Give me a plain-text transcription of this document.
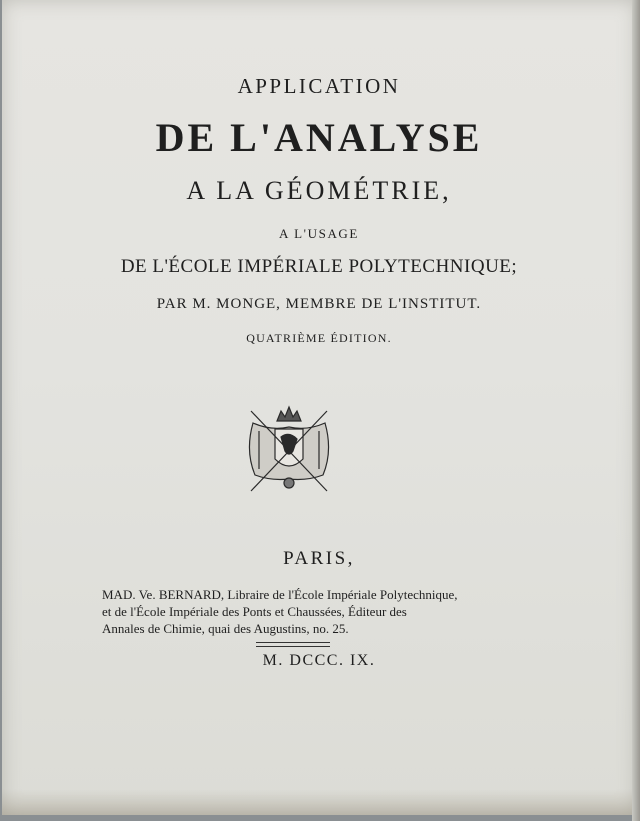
APPLICATION
DE L'ANALYSE
A LA GÉOMÉTRIE,
A L'USAGE
DE L'ÉCOLE IMPÉRIALE POLYTECHNIQUE;
PAR M. MONGE, MEMBRE DE L'INSTITUT.
QUATRIÈME ÉDITION.
PARIS,
MAD. Ve. BERNARD, Libraire de l'École Impériale Polytechnique,
et de l'École Impériale des Ponts et Chaussées, Éditeur des
Annales de Chimie, quai des Augustins, no. 25.
M. DCCC. IX.
